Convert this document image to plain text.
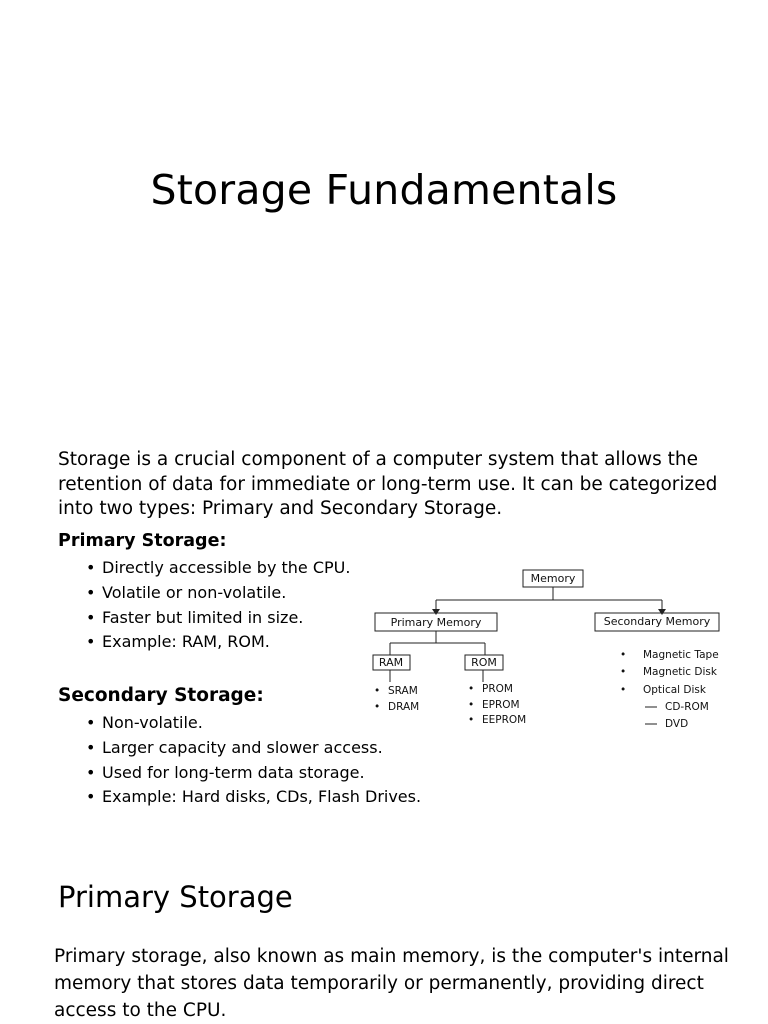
Storage Fundamentals
Storage is a crucial component of a computer system that allows the retention of data for immediate or long-term use. It can be categorized into two types: Primary and Secondary Storage.
Primary Storage:
• Directly accessible by the CPU.
• Volatile or non-volatile.
• Faster but limited in size.
• Example: RAM, ROM.
Secondary Storage:
• Non-volatile.
• Larger capacity and slower access.
• Used for long-term data storage.
• Example: Hard disks, CDs, Flash Drives.
Memory
Primary Memory	Secondary Memory
RAM	ROM
• SRAM
• DRAM
• PROM
• EPROM
• EEPROM
• Magnetic Tape
• Magnetic Disk
• Optical Disk
CD-ROM
DVD
Primary Storage
Primary storage, also known as main memory, is the computer's internal memory that stores data temporarily or permanently, providing direct access to the CPU.
